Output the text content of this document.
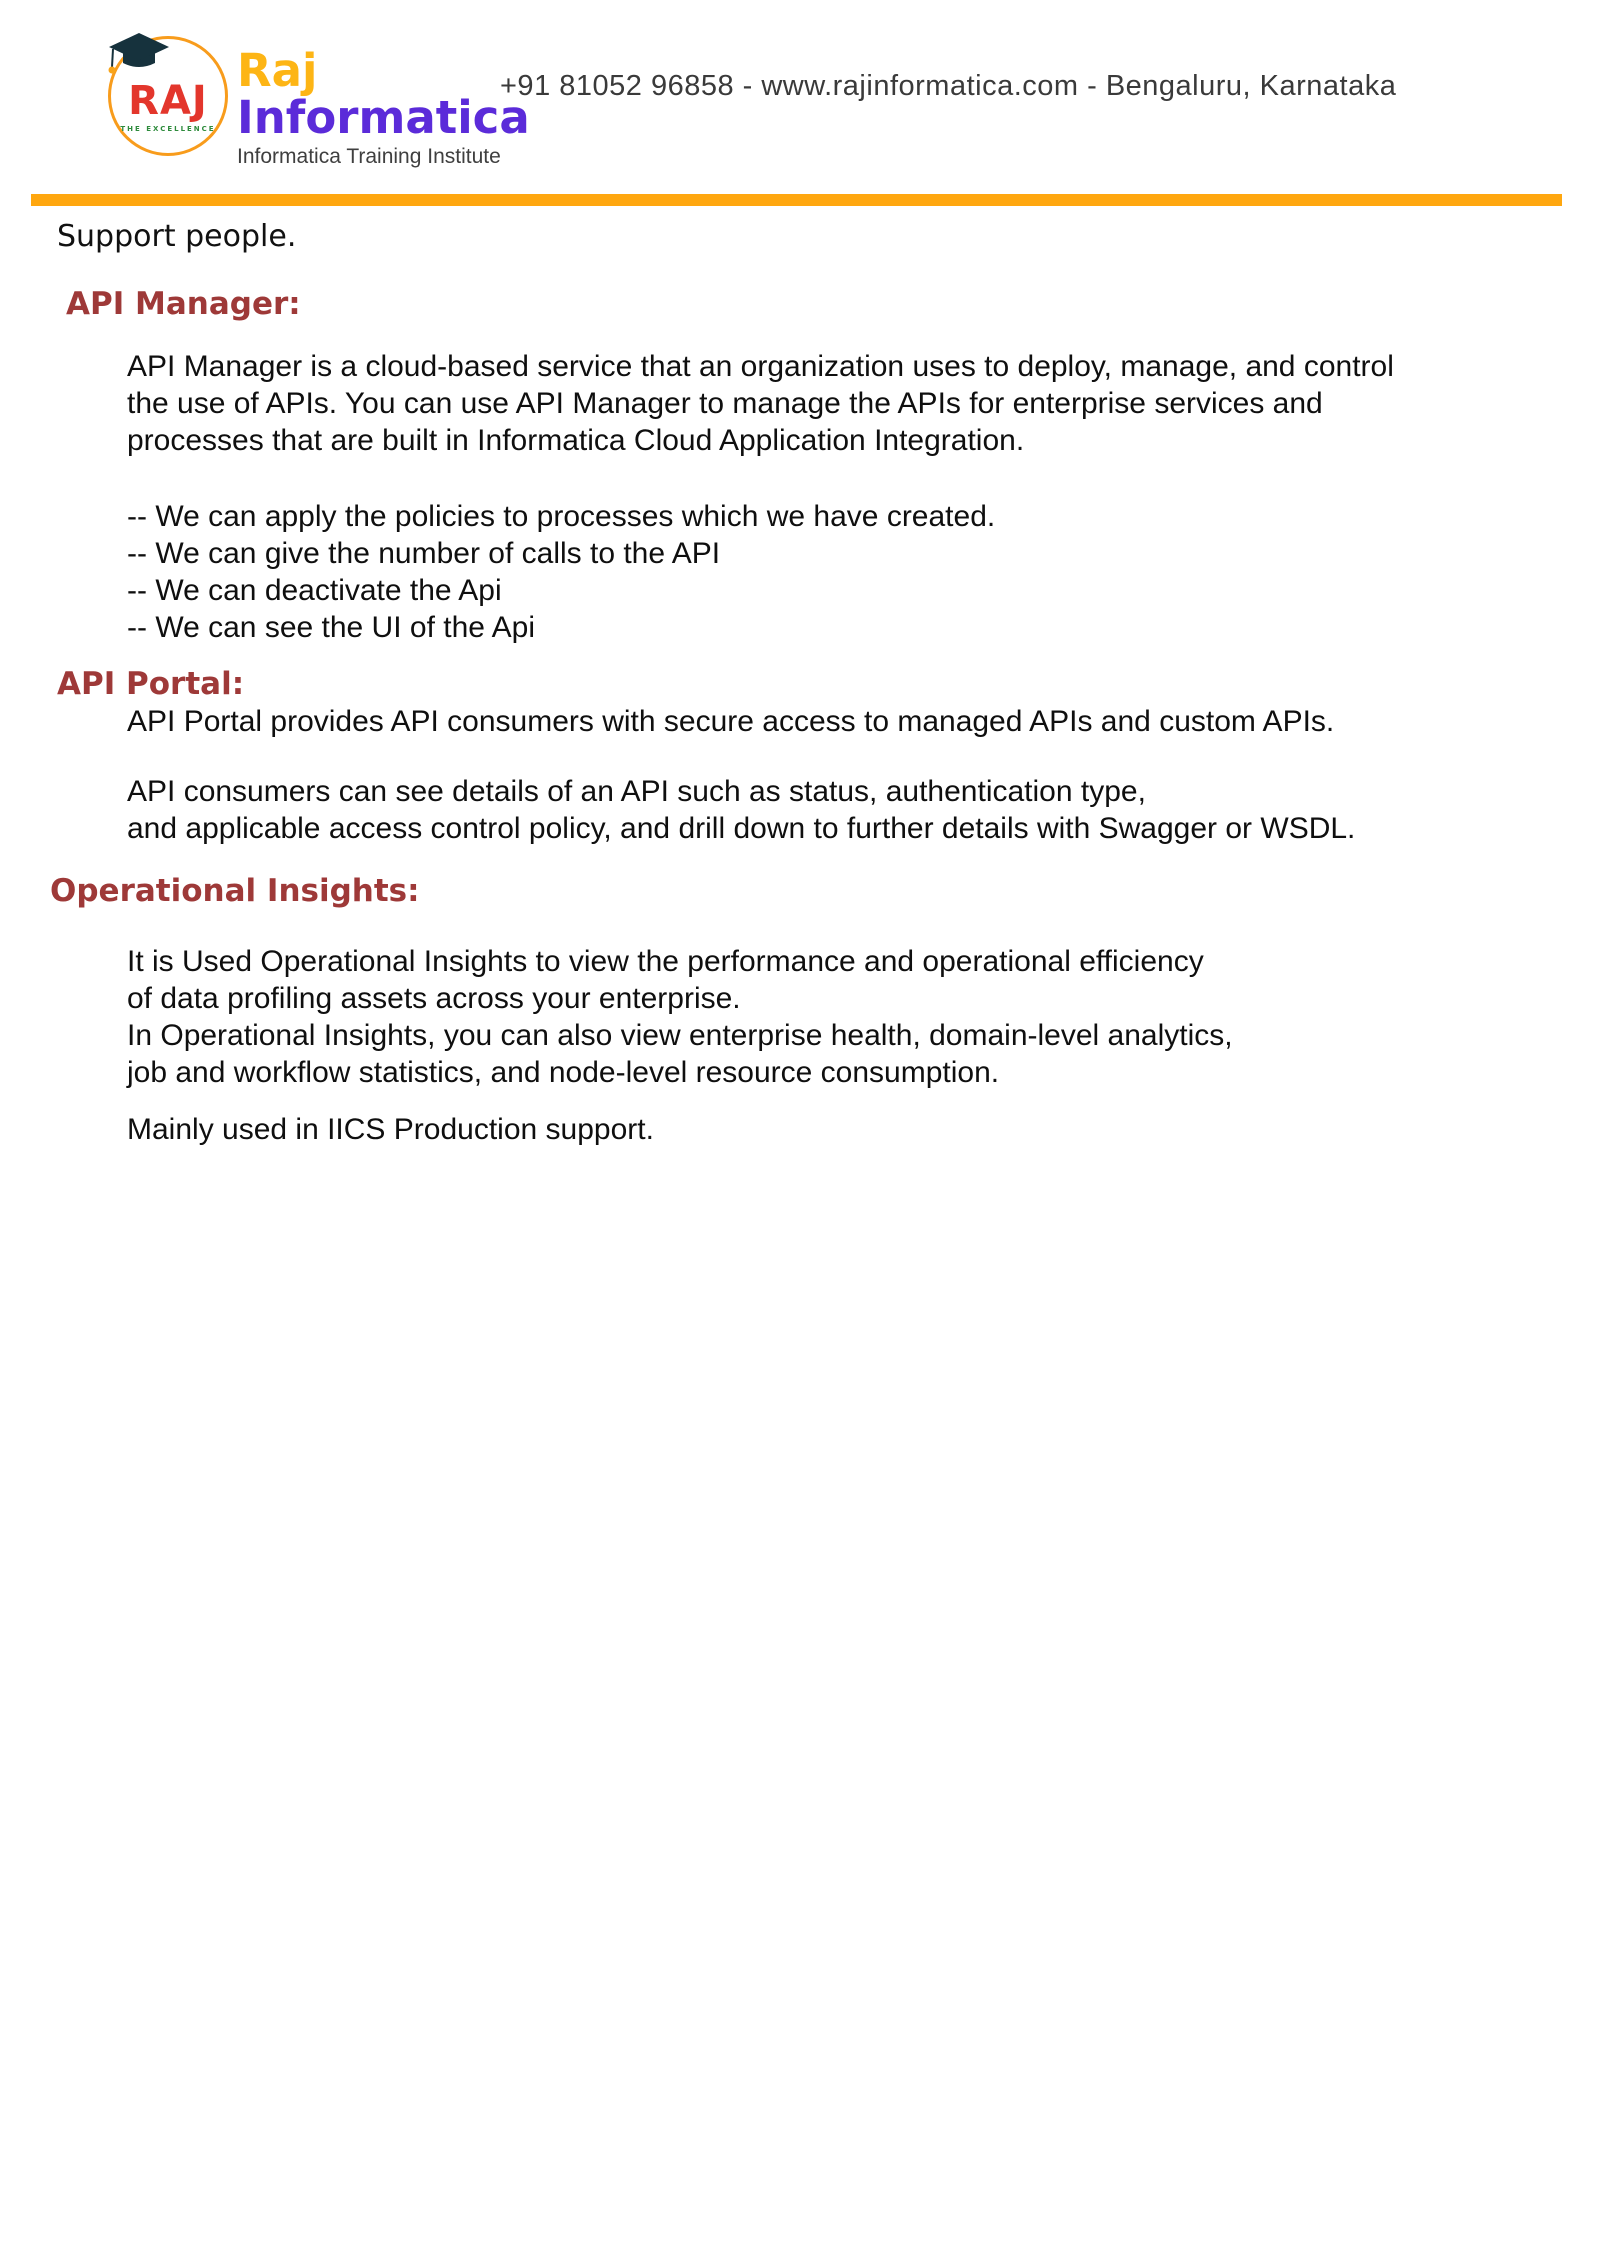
RAJ
THE EXCELLENCE
Raj
Informatica
Informatica Training Institute
+91 81052 96858 - www.rajinformatica.com - Bengaluru, Karnataka
Support people.
API Manager:
API Manager is a cloud-based service that an organization uses to deploy, manage, and control
the use of APIs. You can use API Manager to manage the APIs for enterprise services and
processes that are built in Informatica Cloud Application Integration.
-- We can apply the policies to processes which we have created.
-- We can give the number of calls to the API
-- We can deactivate the Api
-- We can see the UI of the Api
API Portal:
API Portal provides API consumers with secure access to managed APIs and custom APIs.
API consumers can see details of an API such as status, authentication type,
and applicable access control policy, and drill down to further details with Swagger or WSDL.
Operational Insights:
It is Used Operational Insights to view the performance and operational efficiency
of data profiling assets across your enterprise.
In Operational Insights, you can also view enterprise health, domain-level analytics,
job and workflow statistics, and node-level resource consumption.
Mainly used in IICS Production support.
